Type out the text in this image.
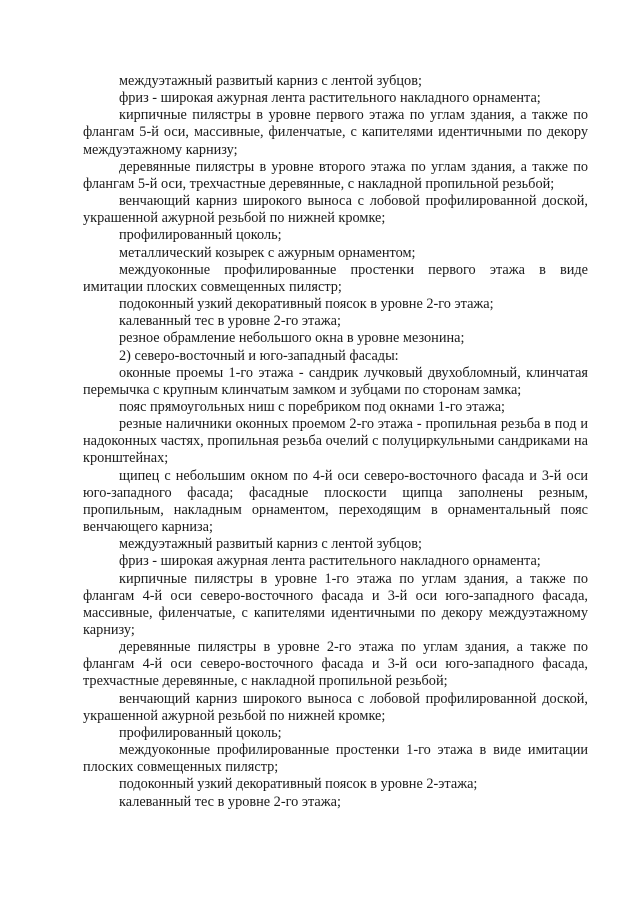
междуэтажный развитый карниз с лентой зубцов;

фриз - широкая ажурная лента растительного накладного орнамента;

кирпичные пилястры в уровне первого этажа по углам здания, а также по флангам 5-й оси, массивные, филенчатые, с капителями идентичными по декору междуэтажному карнизу;

деревянные пилястры в уровне второго этажа по углам здания, а также по флангам 5-й оси, трехчастные деревянные, с накладной пропильной резьбой;

венчающий карниз широкого выноса с лобовой профилированной доской, украшенной ажурной резьбой по нижней кромке;

профилированный цоколь;

металлический козырек с ажурным орнаментом;

междуоконные профилированные простенки первого этажа в виде имитации плоских совмещенных пилястр;

подоконный узкий декоративный поясок в уровне 2-го этажа;

калеванный тес в уровне 2-го этажа;

резное обрамление небольшого окна в уровне мезонина;

2) северо-восточный и юго-западный фасады:

оконные проемы 1-го этажа - сандрик лучковый двухобломный, клинчатая перемычка с крупным клинчатым замком и зубцами по сторонам замка;

пояс прямоугольных ниш с поребриком под окнами 1-го этажа;

резные наличники оконных проемом 2-го этажа - пропильная резьба в под и надоконных частях, пропильная резьба очелий с полуциркульными сандриками на кронштейнах;

щипец с небольшим окном по 4-й оси северо-восточного фасада и 3-й оси юго-западного фасада; фасадные плоскости щипца заполнены резным, пропильным, накладным орнаментом, переходящим в орнаментальный пояс венчающего карниза;

междуэтажный развитый карниз с лентой зубцов;

фриз - широкая ажурная лента растительного накладного орнамента;

кирпичные пилястры в уровне 1-го этажа по углам здания, а также по флангам 4-й оси северо-восточного фасада и 3-й оси юго-западного фасада, массивные, филенчатые, с капителями идентичными по декору междуэтажному карнизу;

деревянные пилястры в уровне 2-го этажа по углам здания, а также по флангам 4-й оси северо-восточного фасада и 3-й оси юго-западного фасада, трехчастные деревянные, с накладной пропильной резьбой;

венчающий карниз широкого выноса с лобовой профилированной доской, украшенной ажурной резьбой по нижней кромке;

профилированный цоколь;

междуоконные профилированные простенки 1-го этажа в виде имитации плоских совмещенных пилястр;

подоконный узкий декоративный поясок в уровне 2-этажа;

калеванный тес в уровне 2-го этажа;
